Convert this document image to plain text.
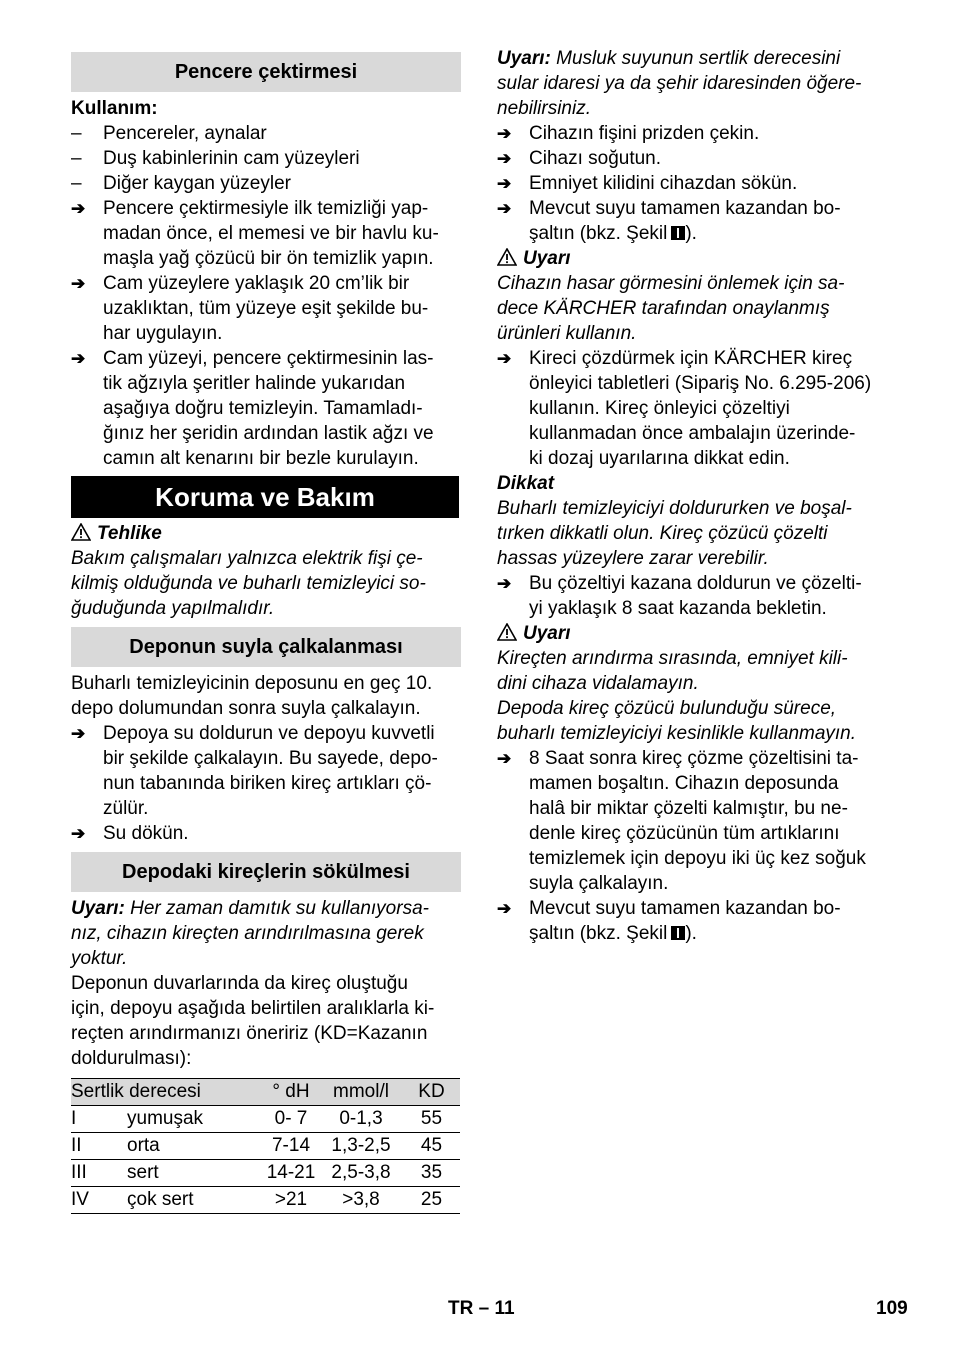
Pencere çektirmesi
Kullanım:
–	Pencereler, aynalar
–	Duş kabinlerinin cam yüzeyleri
–	Diğer kaygan yüzeyler
➔ Pencere çektirmesiyle ilk temizliği yap-
madan önce, el memesi ve bir havlu ku-
maşla yağ çözücü bir ön temizlik yapın.
➔ Cam yüzeylere yaklaşık 20 cm’lik bir
uzaklıktan, tüm yüzeye eşit şekilde bu-
har uygulayın.
➔ Cam yüzeyi, pencere çektirmesinin las-
tik ağzıyla şeritler halinde yukarıdan
aşağıya doğru temizleyin. Tamamladı-
ğınız her şeridin ardından lastik ağzı ve
camın alt kenarını bir bezle kurulayın.
Koruma ve Bakım
Tehlike
Bakım çalışmaları yalnızca elektrik fişi çe-
kilmiş olduğunda ve buharlı temizleyici so-
ğuduğunda yapılmalıdır.
Deponun suyla çalkalanması
Buharlı temizleyicinin deposunu en geç 10.
depo dolumundan sonra suyla çalkalayın.
➔ Depoya su doldurun ve depoyu kuvvetli
bir şekilde çalkalayın. Bu sayede, depo-
nun tabanında biriken kireç artıkları çö-
zülür.
➔ Su dökün.
Depodaki kireçlerin sökülmesi
Uyarı: Her zaman damıtık su kullanıyorsa-
nız, cihazın kireçten arındırılmasına gerek
yoktur.
Deponun duvarlarında da kireç oluştuğu
için, depoyu aşağıda belirtilen aralıklarla ki-
reçten arındırmanızı öneririz (KD=Kazanın
doldurulması):
Sertlik derecesi		° dH	mmol/l	KD
I	yumuşak	0- 7	0-1,3	55
II	orta	7-14	1,3-2,5	45
III	sert	14-21	2,5-3,8	35
IV	çok sert	>21	>3,8	25
Uyarı: Musluk suyunun sertlik derecesini
sular idaresi ya da şehir idaresinden öğere-
nebilirsiniz.
➔ Cihazın fişini prizden çekin.
➔ Cihazı soğutun.
➔ Emniyet kilidini cihazdan sökün.
➔ Mevcut suyu tamamen kazandan bo-
şaltın (bkz. Şekil ).
Uyarı
Cihazın hasar görmesini önlemek için sa-
dece KÄRCHER tarafından onaylanmış
ürünleri kullanın.
➔ Kireci çözdürmek için KÄRCHER kireç
önleyici tabletleri (Sipariş No. 6.295-206)
kullanın. Kireç önleyici çözeltiyi
kullanmadan önce ambalajın üzerinde-
ki dozaj uyarılarına dikkat edin.
Dikkat
Buharlı temizleyiciyi doldururken ve boşal-
tırken dikkatli olun. Kireç çözücü çözelti
hassas yüzeylere zarar verebilir.
➔ Bu çözeltiyi kazana doldurun ve çözelti-
yi yaklaşık 8 saat kazanda bekletin.
Uyarı
Kireçten arındırma sırasında, emniyet kili-
dini cihaza vidalamayın.
Depoda kireç çözücü bulunduğu sürece,
buharlı temizleyiciyi kesinlikle kullanmayın.
➔ 8 Saat sonra kireç çözme çözeltisini ta-
mamen boşaltın. Cihazın deposunda
halâ bir miktar çözelti kalmıştır, bu ne-
denle kireç çözücünün tüm artıklarını
temizlemek için depoyu iki üç kez soğuk
suyla çalkalayın.
➔ Mevcut suyu tamamen kazandan bo-
şaltın (bkz. Şekil ).
TR – 11	109
